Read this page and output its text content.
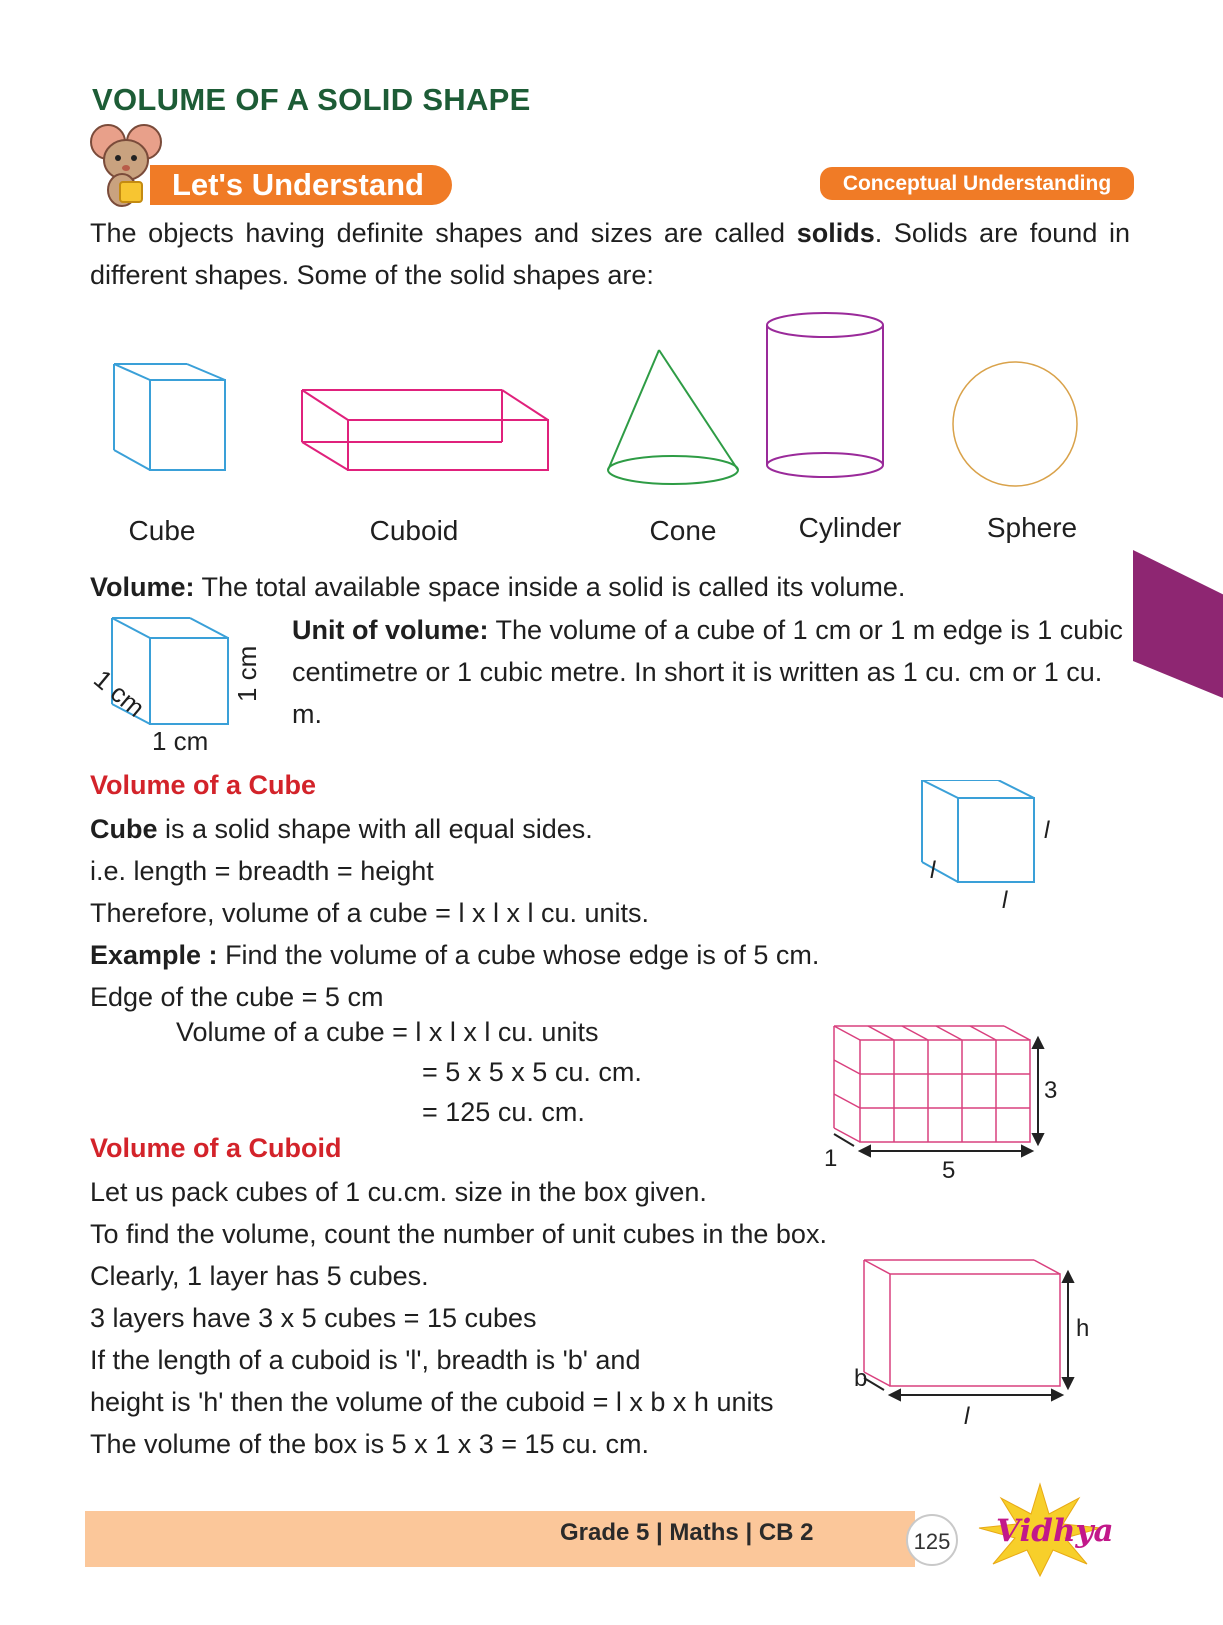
VOLUME OF A SOLID SHAPE
Let's Understand	Conceptual Understanding
The objects having definite shapes and sizes are called solids. Solids are found in different shapes. Some of the solid shapes are:
Cube	Cuboid	Cone	Cylinder	Sphere
Volume: The total available space inside a solid is called its volume.
1 cm
1 cm
1 cm
Unit of volume: The volume of a cube of 1 cm or 1 m edge is 1 cubic centimetre or 1 cubic metre. In short it is written as 1 cu. cm or 1 cu. m.
Volume of a Cube
Cube is a solid shape with all equal sides.
i.e. length = breadth = height
Therefore, volume of a cube = l x l x l cu. units.
Example : Find the volume of a cube whose edge is of 5 cm.
Edge of the cube = 5 cm
Volume of a cube = l x l x l cu. units
= 5 x 5 x 5 cu. cm.
= 125 cu. cm.
l
l
l
Volume of a Cuboid
Let us pack cubes of 1 cu.cm. size in the box given.
To find the volume, count the number of unit cubes in the box.
Clearly, 1 layer has 5 cubes.
3 layers have 3 x 5 cubes = 15 cubes
If the length of a cuboid is 'l', breadth is 'b' and
height is 'h' then the volume of the cuboid = l x b x h units
The volume of the box is 5 x 1 x 3 = 15 cu. cm.
3
5
1
h
b
l
Grade 5 | Maths | CB 2	125 Vidhya
